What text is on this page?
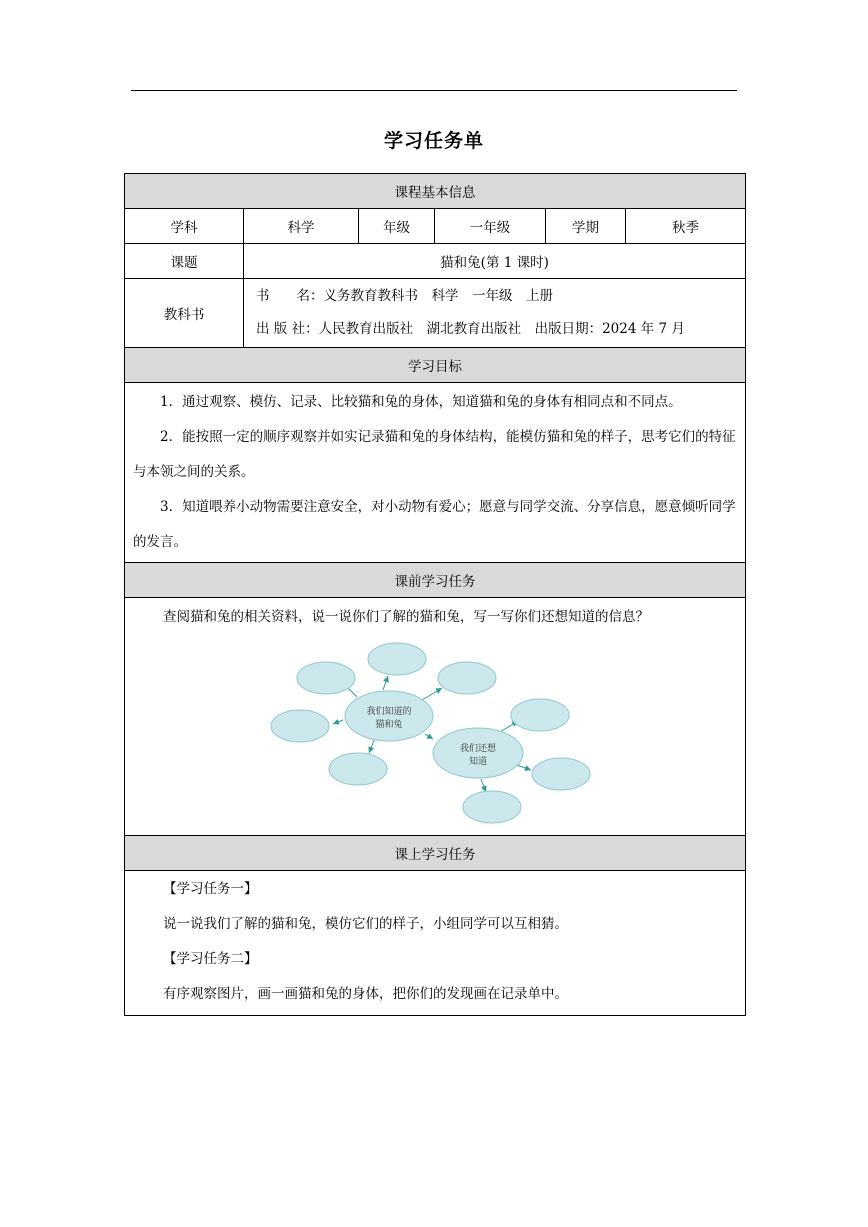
学习任务单
课程基本信息					
学科	科学	年级	一年级	学期	秋季
课题	猫和兔(第 1 课时)				
教科书	书　　名：义务教育教科书　科学　一年级　上册
出 版 社：人民教育出版社　湖北教育出版社　出版日期：2024 年 7 月				

学习目标					

1．通过观察、模仿、记录、比较猫和兔的身体，知道猫和兔的身体有相同点和不同点。
2．能按照一定的顺序观察并如实记录猫和兔的身体结构，能模仿猫和兔的样子，思考它们的特征与本领之间的关系。
3．知道喂养小动物需要注意安全，对小动物有爱心；愿意与同学交流、分享信息，愿意倾听同学的发言。					

课前学习任务					

查阅猫和兔的相关资料，说一说你们了解的猫和兔，写一写你们还想知道的信息？
我们知道的
猫和兔
我们还想
知道					

课上学习任务					

【学习任务一】
说一说我们了解的猫和兔，模仿它们的样子，小组同学可以互相猜。
【学习任务二】
有序观察图片，画一画猫和兔的身体，把你们的发现画在记录单中。					
